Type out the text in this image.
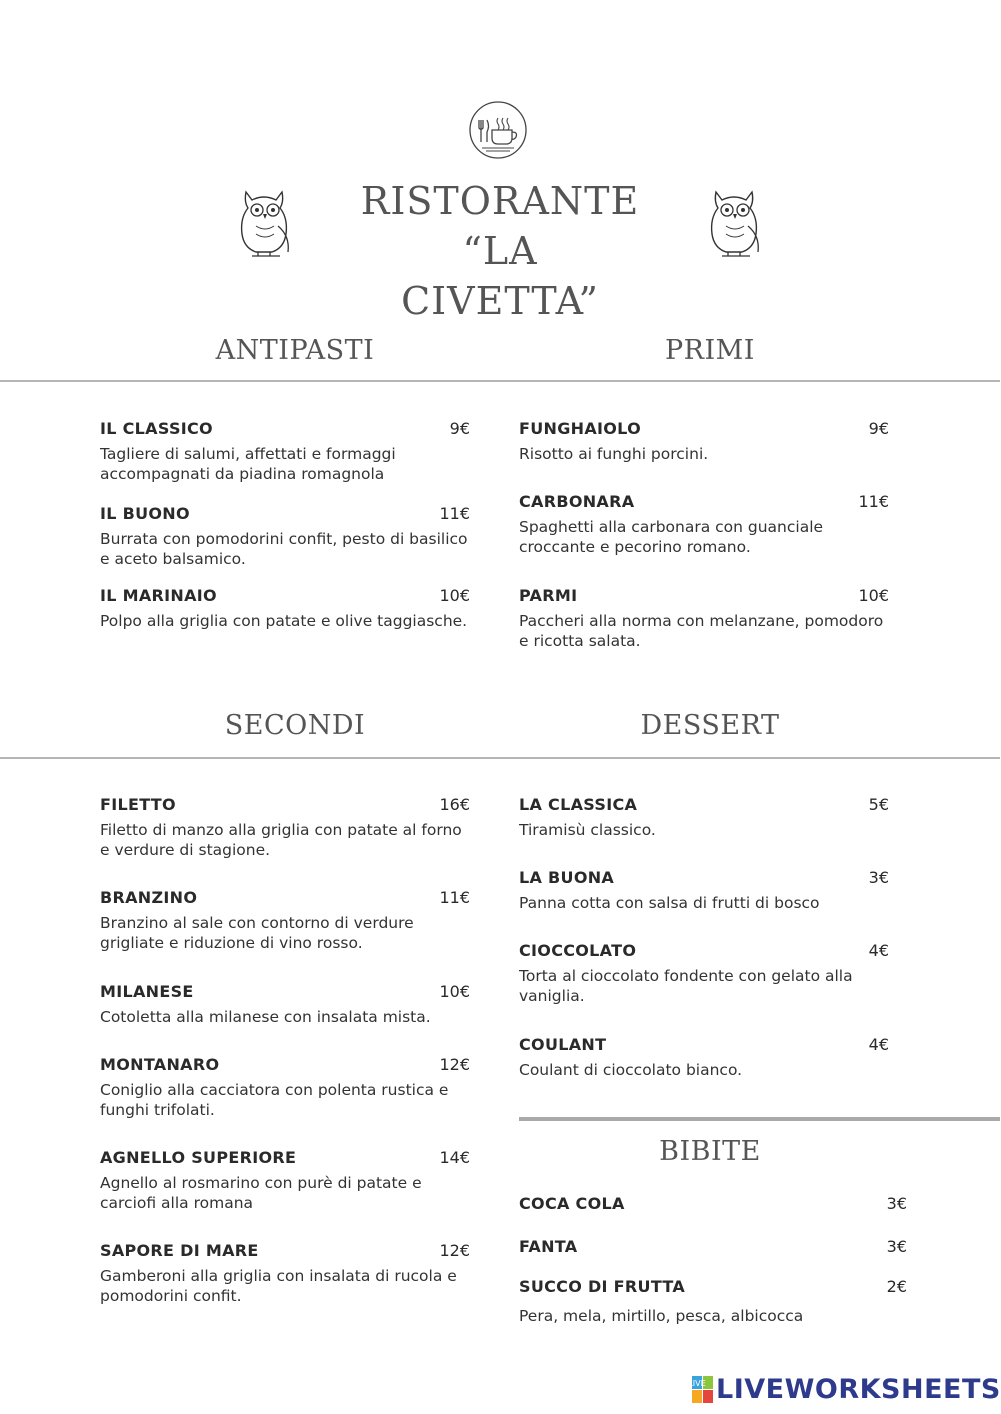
RISTORANTE “LA
CIVETTA”
ANTIPASTI	PRIMI
SECONDI	DESSERT
BIBITE
IL CLASSICO	9€
Tagliere di salumi, affettati e formaggi accompagnati da piadina romagnola
IL BUONO	11€
Burrata con pomodorini confit, pesto di basilico e aceto balsamico.
IL MARINAIO	10€
Polpo alla griglia con patate e olive taggiasche.
FUNGHAIOLO	9€
Risotto ai funghi porcini.
CARBONARA	11€
Spaghetti alla carbonara con guanciale croccante e pecorino romano.
PARMI	10€
Paccheri alla norma con melanzane, pomodoro e ricotta salata.
FILETTO	16€
Filetto di manzo alla griglia con patate al forno e verdure di stagione.
BRANZINO	11€
Branzino al sale con contorno di verdure grigliate e riduzione di vino rosso.
MILANESE	10€
Cotoletta alla milanese con insalata mista.
MONTANARO	12€
Coniglio alla cacciatora con polenta rustica e funghi trifolati.
AGNELLO SUPERIORE	14€
Agnello al rosmarino con purè di patate e carciofi alla romana
SAPORE DI MARE	12€
Gamberoni alla griglia con insalata di rucola e pomodorini confit.
LA CLASSICA	5€
Tiramisù classico.
LA BUONA	3€
Panna cotta con salsa di frutti di bosco
CIOCCOLATO	4€
Torta al cioccolato fondente con gelato alla vaniglia.
COULANT	4€
Coulant di cioccolato bianco.
COCA COLA	3€
FANTA	3€
SUCCO DI FRUTTA	2€
Pera, mela, mirtillo, pesca, albicocca
LIVE LIVEWORKSHEETS
